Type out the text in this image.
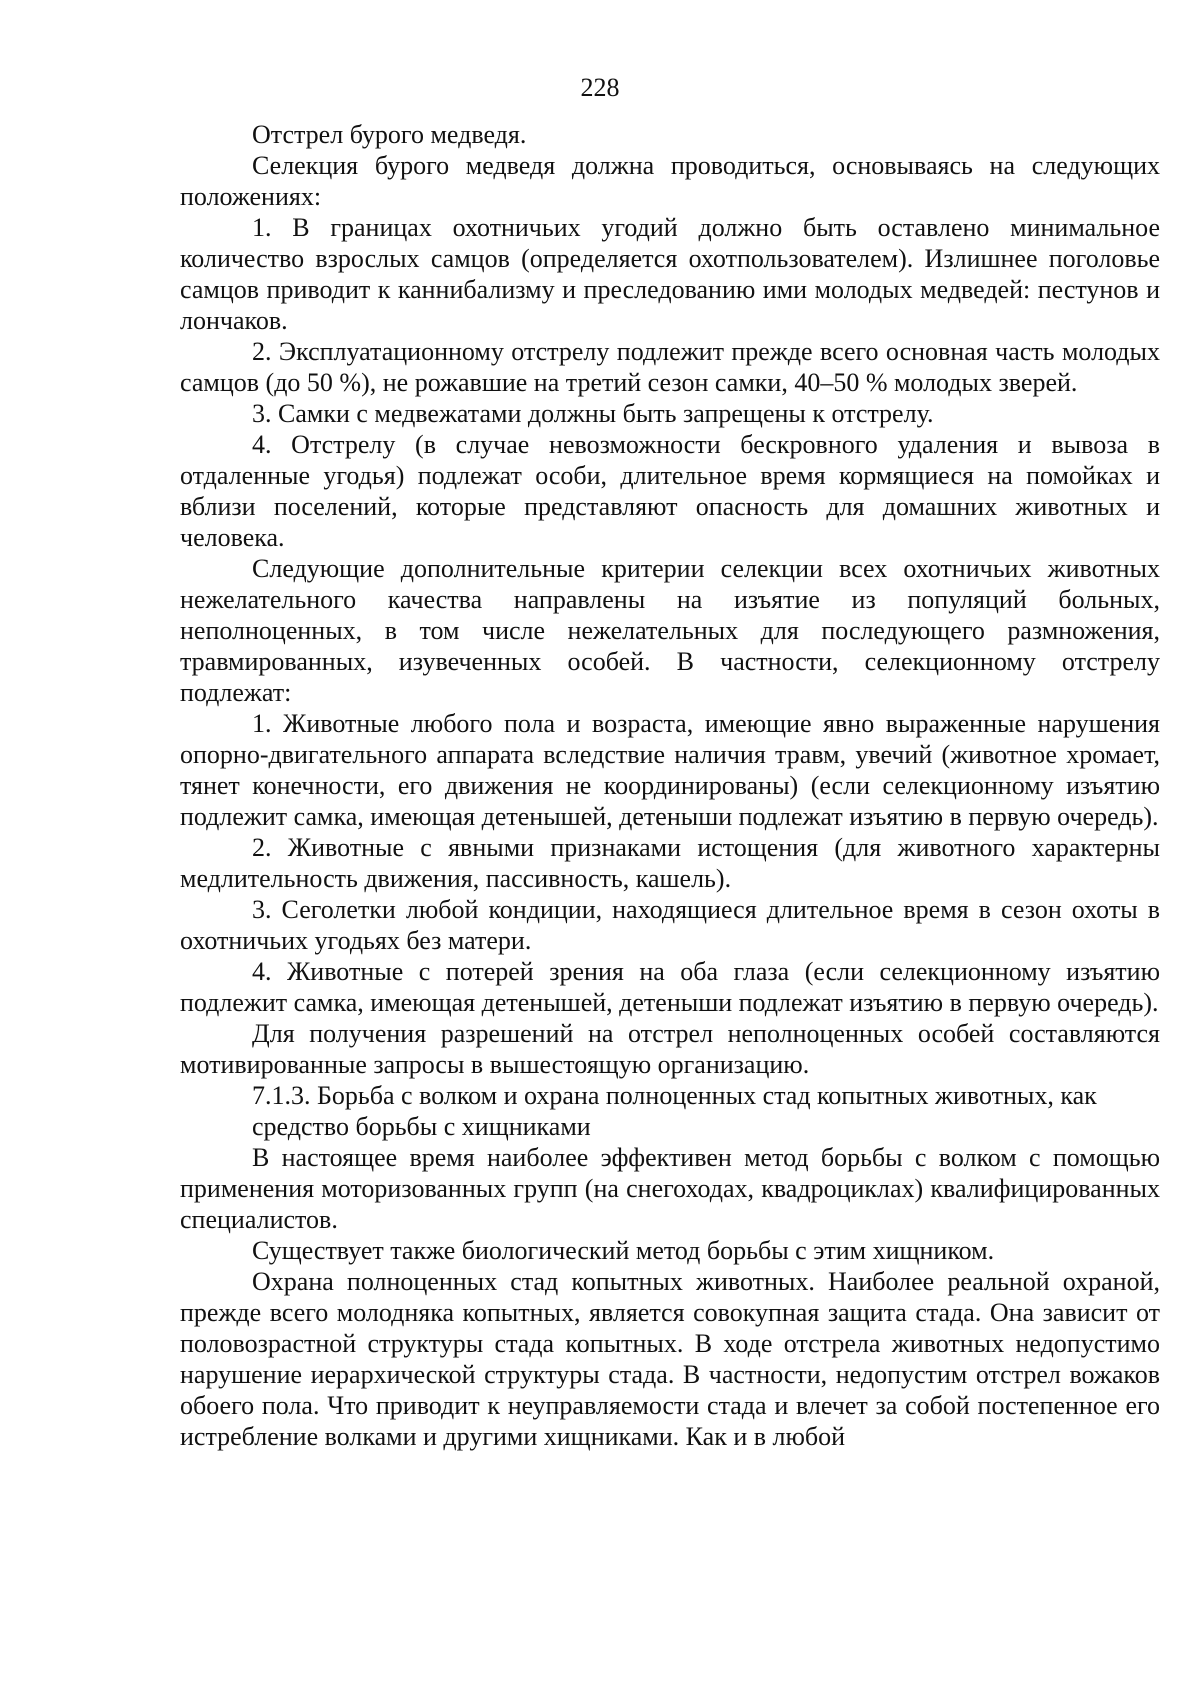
228

Отстрел бурого медведя.

Селекция бурого медведя должна проводиться, основываясь на следующих положениях:

1. В границах охотничьих угодий должно быть оставлено минимальное количество взрослых самцов (определяется охотпользователем). Излишнее поголовье самцов приводит к каннибализму и преследованию ими молодых медведей: пестунов и лончаков.

2. Эксплуатационному отстрелу подлежит прежде всего основная часть молодых самцов (до 50 %), не рожавшие на третий сезон самки, 40–50 % молодых зверей.

3. Самки с медвежатами должны быть запрещены к отстрелу.

4. Отстрелу (в случае невозможности бескровного удаления и вывоза в отдаленные угодья) подлежат особи, длительное время кормящиеся на помойках и вблизи поселений, которые представляют опасность для домашних животных и человека.

Следующие дополнительные критерии селекции всех охотничьих животных нежелательного качества направлены на изъятие из популяций больных, неполноценных, в том числе нежелательных для последующего размножения, травмированных, изувеченных особей. В частности, селекционному отстрелу подлежат:

1. Животные любого пола и возраста, имеющие явно выраженные нарушения опорно-двигательного аппарата вследствие наличия травм, увечий (животное хромает, тянет конечности, его движения не координированы) (если селекционному изъятию подлежит самка, имеющая детенышей, детеныши подлежат изъятию в первую очередь).

2. Животные с явными признаками истощения (для животного характерны медлительность движения, пассивность, кашель).

3. Сеголетки любой кондиции, находящиеся длительное время в сезон охоты в охотничьих угодьях без матери.

4. Животные с потерей зрения на оба глаза (если селекционному изъятию подлежит самка, имеющая детенышей, детеныши подлежат изъятию в первую очередь).

Для получения разрешений на отстрел неполноценных особей составляются мотивированные запросы в вышестоящую организацию.

7.1.3. Борьба с волком и охрана полноценных стад копытных животных, как
средство борьбы с хищниками

В настоящее время наиболее эффективен метод борьбы с волком с помощью применения моторизованных групп (на снегоходах, квадроциклах) квалифицированных специалистов.

Существует также биологический метод борьбы с этим хищником.

Охрана полноценных стад копытных животных. Наиболее реальной охраной, прежде всего молодняка копытных, является совокупная защита стада. Она зависит от половозрастной структуры стада копытных. В ходе отстрела животных недопустимо нарушение иерархической структуры стада. В частности, недопустим отстрел вожаков обоего пола. Что приводит к неуправляемости стада и влечет за собой постепенное его истребление волками и другими хищниками. Как и в любой
